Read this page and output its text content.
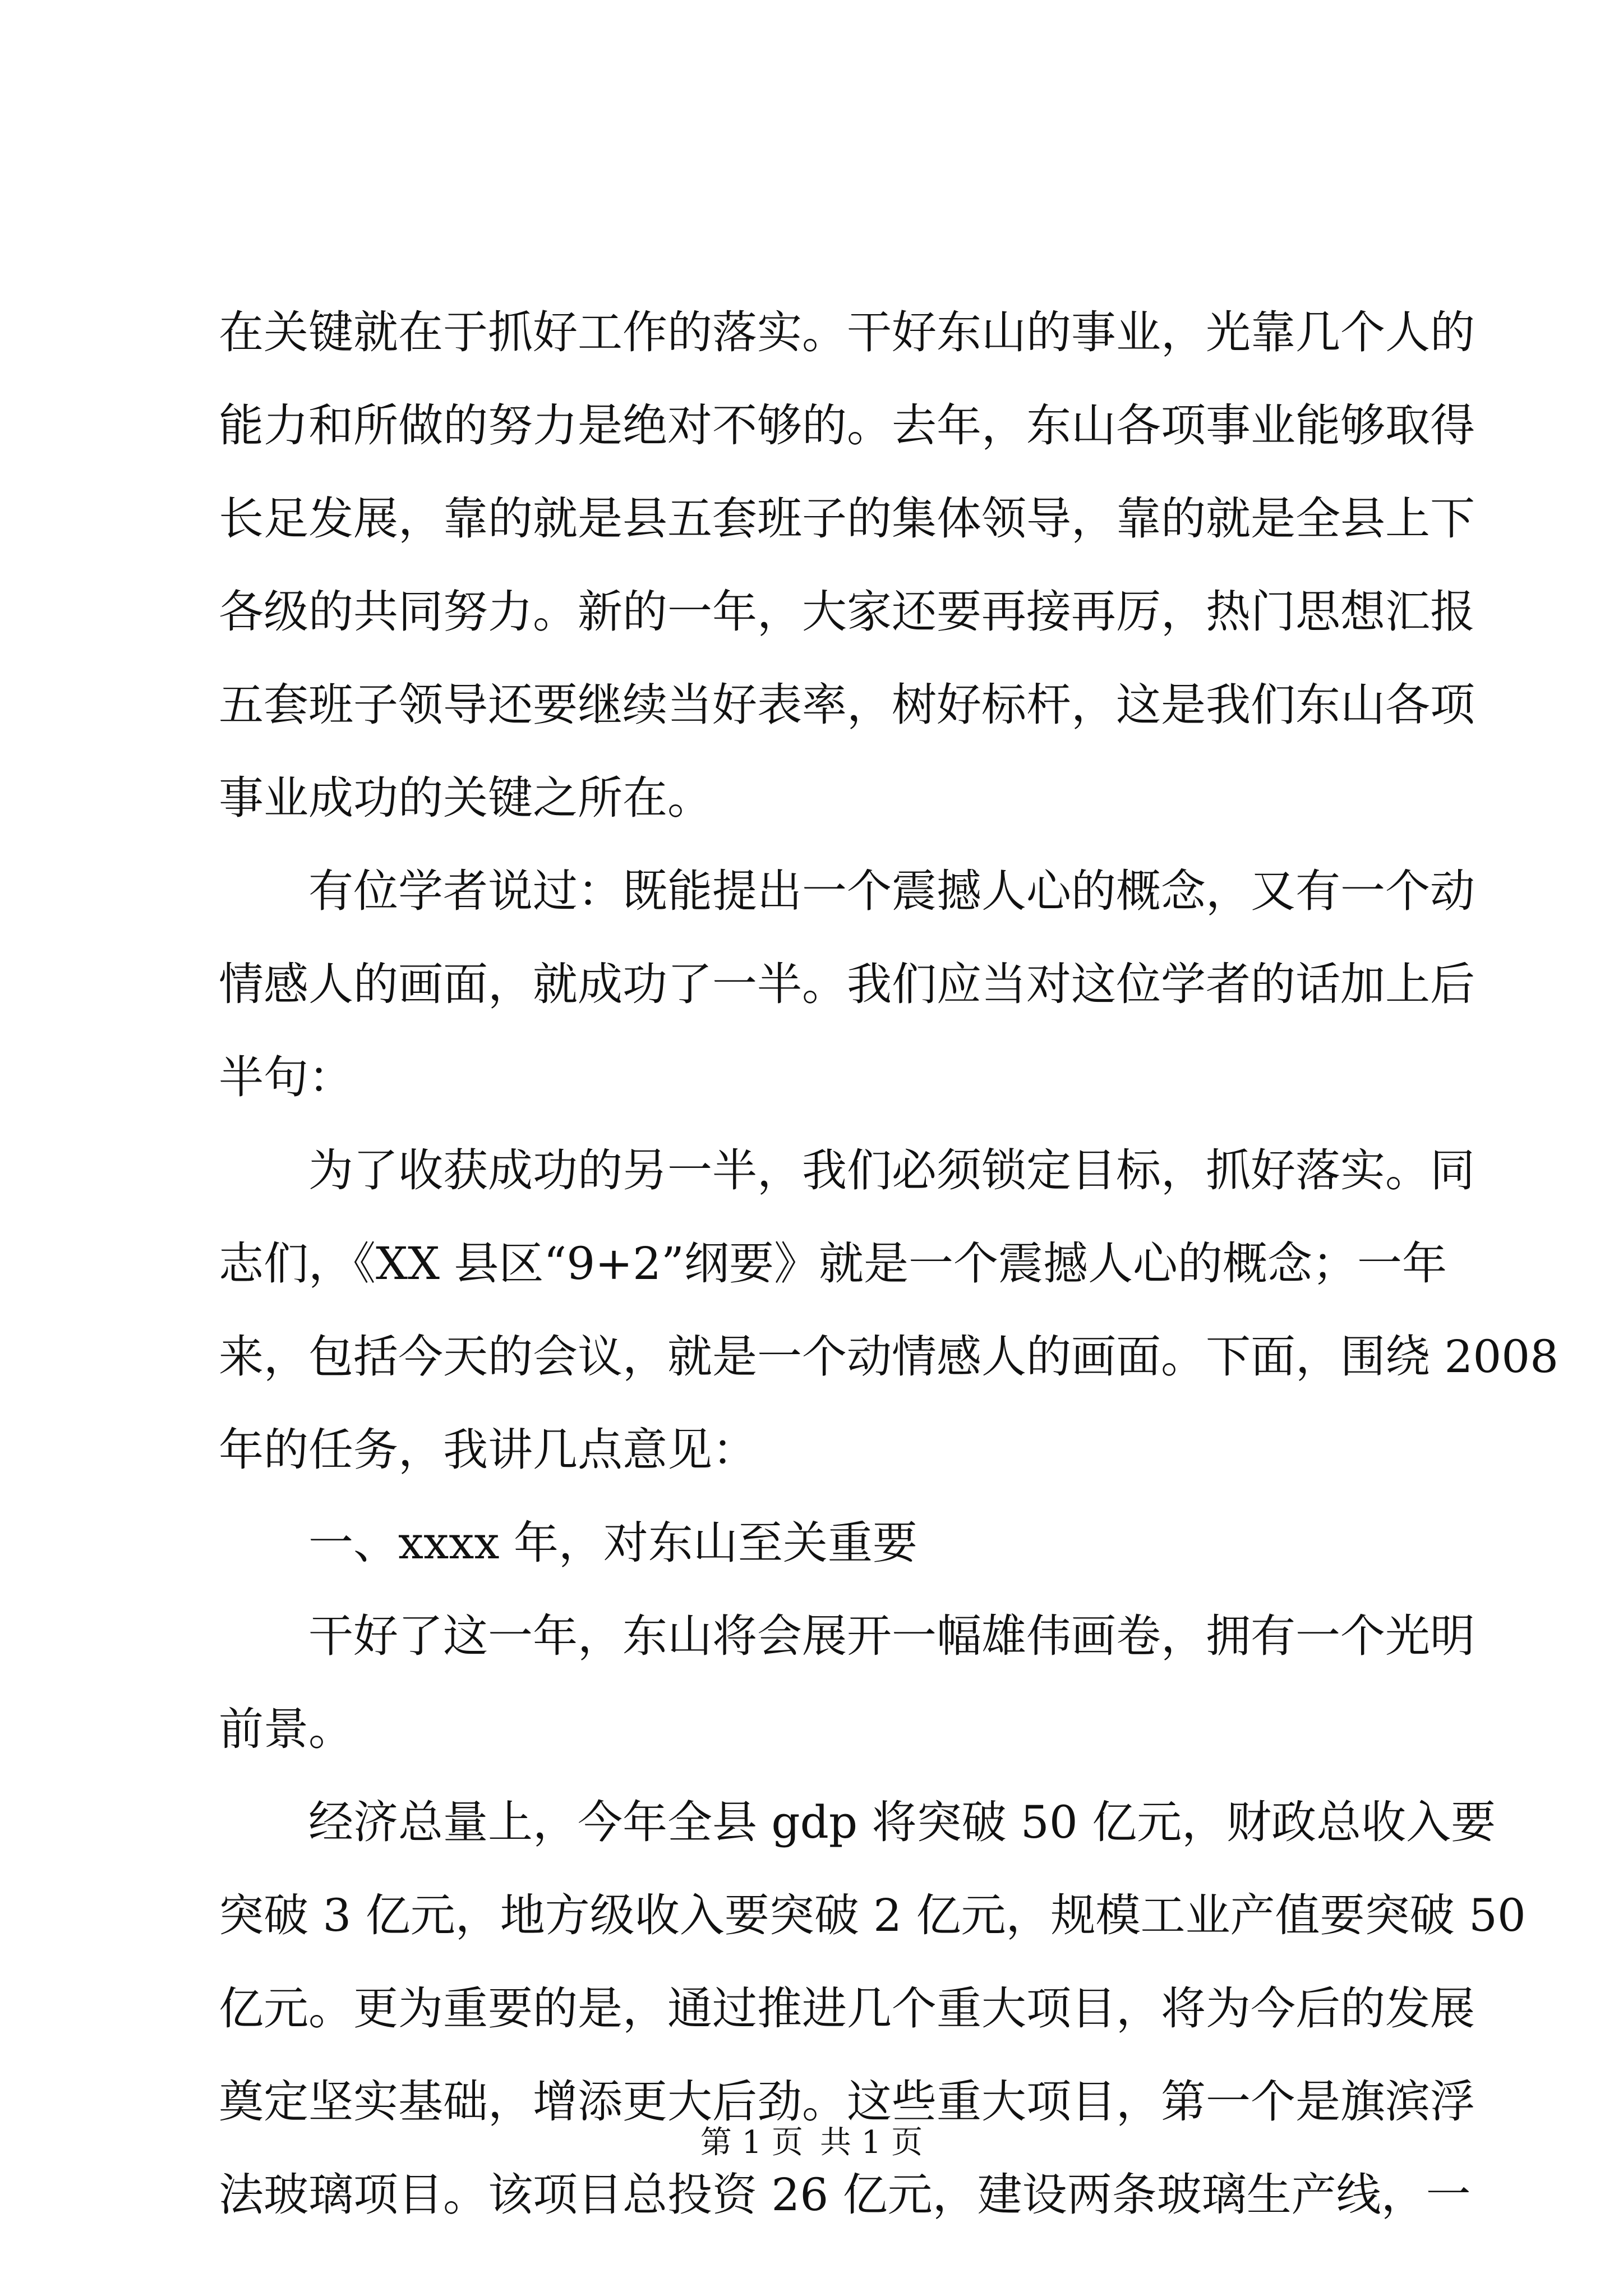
在关键就在于抓好工作的落实。干好东山的事业，光靠几个人的
能力和所做的努力是绝对不够的。去年，东山各项事业能够取得
长足发展，靠的就是县五套班子的集体领导，靠的就是全县上下
各级的共同努力。新的一年，大家还要再接再厉，热门思想汇报
五套班子领导还要继续当好表率，树好标杆，这是我们东山各项
事业成功的关键之所在。
有位学者说过：既能提出一个震撼人心的概念，又有一个动
情感人的画面，就成功了一半。我们应当对这位学者的话加上后
半句：
为了收获成功的另一半，我们必须锁定目标，抓好落实。同
志们，《XX 县区“9+2”纲要》就是一个震撼人心的概念；一年
来，包括今天的会议，就是一个动情感人的画面。下面，围绕 2008
年的任务，我讲几点意见：
一、xxxx 年，对东山至关重要
干好了这一年，东山将会展开一幅雄伟画卷，拥有一个光明
前景。
经济总量上，今年全县 gdp 将突破 50 亿元，财政总收入要
突破 3 亿元，地方级收入要突破 2 亿元，规模工业产值要突破 50
亿元。更为重要的是，通过推进几个重大项目，将为今后的发展
奠定坚实基础，增添更大后劲。这些重大项目，第一个是旗滨浮
法玻璃项目。该项目总投资 26 亿元，建设两条玻璃生产线，一
第 1 页 共 1 页
